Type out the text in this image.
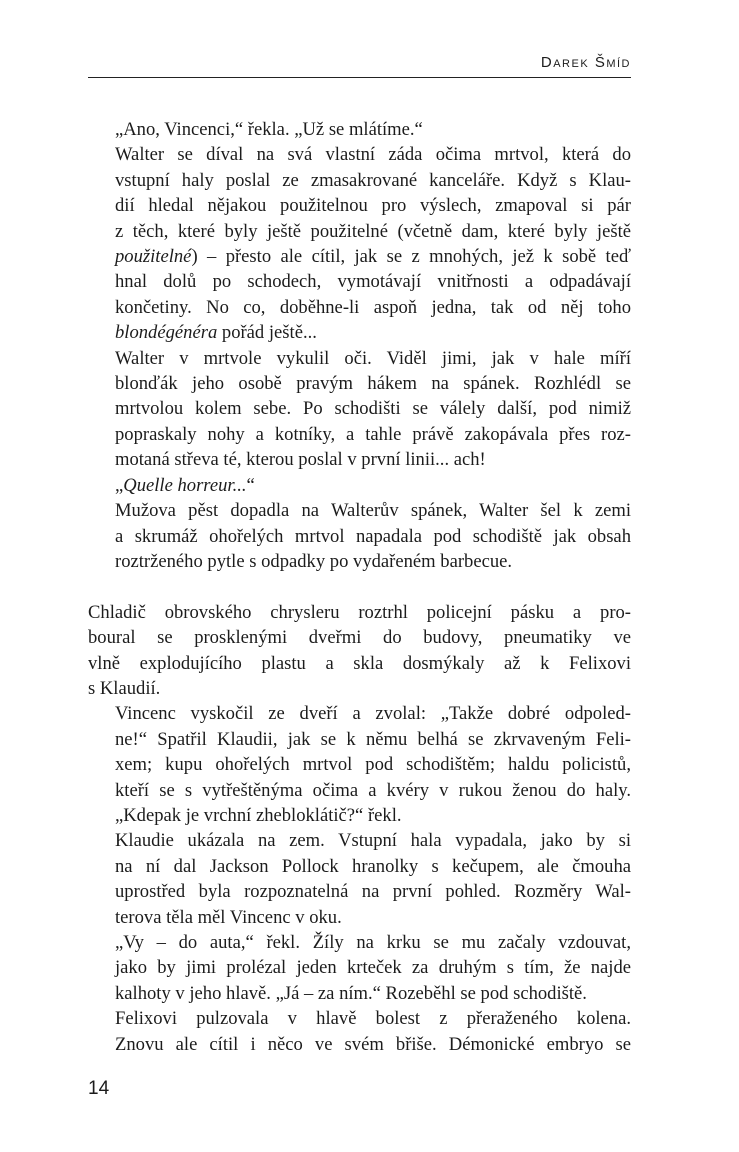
Darek Šmíd

„Ano, Vincenci,“ řekla. „Už se mlátíme.“

Walter se díval na svá vlastní záda očima mrtvol, která do
vstupní haly poslal ze zmasakrované kanceláře. Když s Klau-
dií hledal nějakou použitelnou pro výslech, zmapoval si pár
z těch, které byly ještě použitelné (včetně dam, které byly ještě
použitelné) – přesto ale cítil, jak se z mnohých, jež k sobě teď
hnal dolů po schodech, vymotávají vnitřnosti a odpadávají
končetiny. No co, doběhne-li aspoň jedna, tak od něj toho
blondégénéra pořád ještě...

Walter v mrtvole vykulil oči. Viděl jimi, jak v hale míří
blonďák jeho osobě pravým hákem na spánek. Rozhlédl se
mrtvolou kolem sebe. Po schodišti se válely další, pod nimiž
popraskaly nohy a kotníky, a tahle právě zakopávala přes roz-
motaná střeva té, kterou poslal v první linii... ach!

„Quelle horreur...“

Mužova pěst dopadla na Walterův spánek, Walter šel k zemi
a skrumáž ohořelých mrtvol napadala pod schodiště jak obsah
roztrženého pytle s odpadky po vydařeném barbecue.

Chladič obrovského chrysleru roztrhl policejní pásku a pro-
boural se prosklenými dveřmi do budovy, pneumatiky ve
vlně explodujícího plastu a skla dosmýkaly až k Felixovi
s Klaudií.

Vincenc vyskočil ze dveří a zvolal: „Takže dobré odpoled-
ne!“ Spatřil Klaudii, jak se k němu belhá se zkrvaveným Feli-
xem; kupu ohořelých mrtvol pod schodištěm; haldu policistů,
kteří se s vytřeštěnýma očima a kvéry v rukou ženou do haly.
„Kdepak je vrchní zhebloklátič?“ řekl.

Klaudie ukázala na zem. Vstupní hala vypadala, jako by si
na ní dal Jackson Pollock hranolky s kečupem, ale čmouha
uprostřed byla rozpoznatelná na první pohled. Rozměry Wal-
terova těla měl Vincenc v oku.

„Vy – do auta,“ řekl. Žíly na krku se mu začaly vzdouvat,
jako by jimi prolézal jeden krteček za druhým s tím, že najde
kalhoty v jeho hlavě. „Já – za ním.“ Rozeběhl se pod schodiště.

Felixovi pulzovala v hlavě bolest z přeraženého kolena.
Znovu ale cítil i něco ve svém břiše. Démonické embryo se

14
